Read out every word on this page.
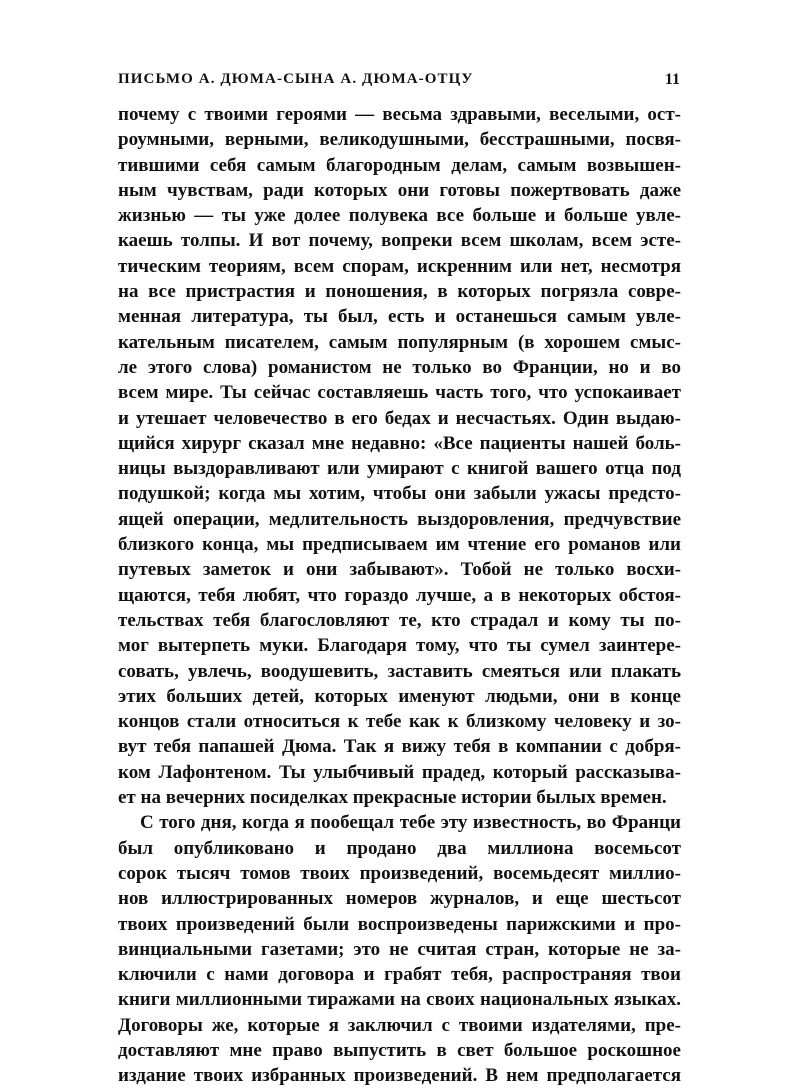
ПИСЬМО А. ДЮМА-СЫНА А. ДЮМА-ОТЦУ	11
почему с твоими героями — весьма здравыми, веселыми, ост-
роумными, верными, великодушными, бесстрашными, посвя-
тившими себя самым благородным делам, самым возвышен-
ным чувствам, ради которых они готовы пожертвовать даже
жизнью — ты уже долее полувека все больше и больше увле-
каешь толпы. И вот почему, вопреки всем школам, всем эсте-
тическим теориям, всем спорам, искренним или нет, несмотря
на все пристрастия и поношения, в которых погрязла совре-
менная литература, ты был, есть и останешься самым увле-
кательным писателем, самым популярным (в хорошем смыс-
ле этого слова) романистом не только во Франции, но и во
всем мире. Ты сейчас составляешь часть того, что успокаивает
и утешает человечество в его бедах и несчастьях. Один выдаю-
щийся хирург сказал мне недавно: «Все пациенты нашей боль-
ницы выздоравливают или умирают с книгой вашего отца под
подушкой; когда мы хотим, чтобы они забыли ужасы предсто-
ящей операции, медлительность выздоровления, предчувствие
близкого конца, мы предписываем им чтение его романов или
путевых заметок и они забывают». Тобой не только восхи-
щаются, тебя любят, что гораздо лучше, а в некоторых обстоя-
тельствах тебя благословляют те, кто страдал и кому ты по-
мог вытерпеть муки. Благодаря тому, что ты сумел заинтере-
совать, увлечь, воодушевить, заставить смеяться или плакать
этих больших детей, которых именуют людьми, они в конце
концов стали относиться к тебе как к близкому человеку и зо-
вут тебя папашей Дюма. Так я вижу тебя в компании с добря-
ком Лафонтеном. Ты улыбчивый прадед, который рассказыва-
ет на вечерних посиделках прекрасные истории былых времен.
С того дня, когда я пообещал тебе эту известность, во Франци
был опубликовано и продано два миллиона восемьсот
сорок тысяч томов твоих произведений, восемьдесят миллио-
нов иллюстрированных номеров журналов, и еще шестьсот
твоих произведений были воспроизведены парижскими и про-
винциальными газетами; это не считая стран, которые не за-
ключили с нами договора и грабят тебя, распространяя твои
книги миллионными тиражами на своих национальных языках.
Договоры же, которые я заключил с твоими издателями, пре-
доставляют мне право выпустить в свет большое роскошное
издание твоих избранных произведений. В нем предполагается
